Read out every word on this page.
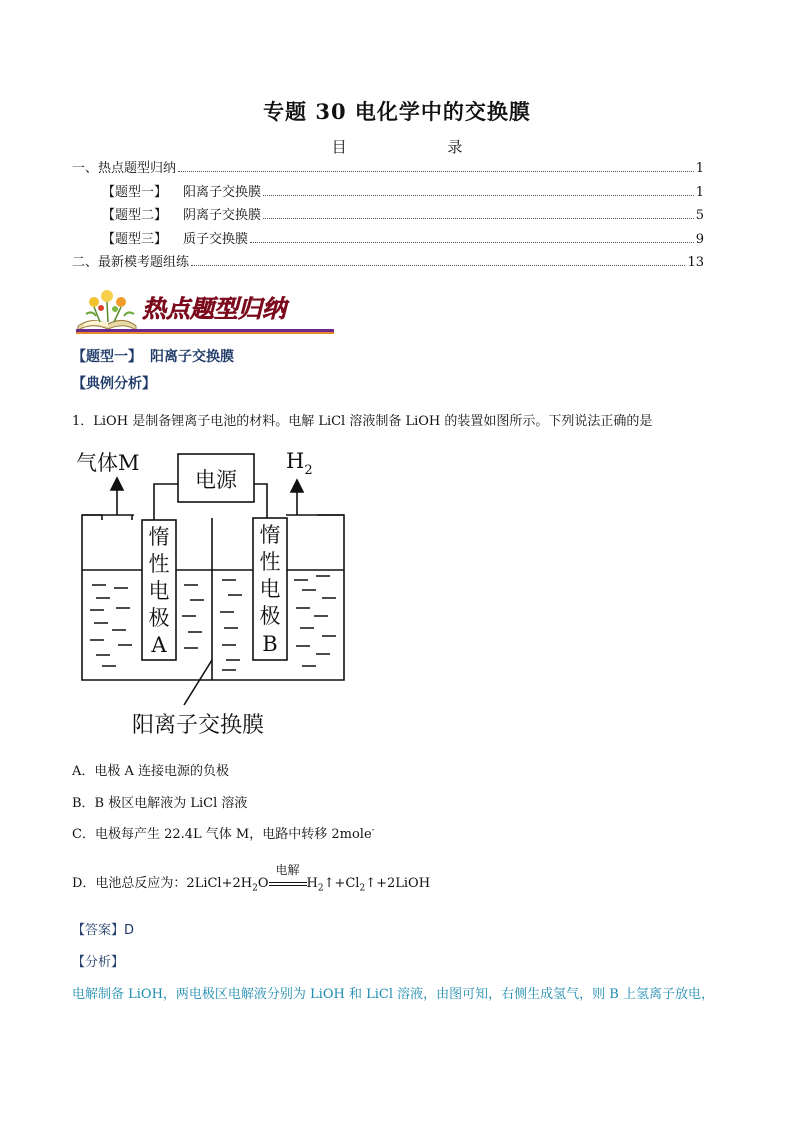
专题 30 电化学中的交换膜
目	录
一、热点题型归纳	1
【题型一】 阳离子交换膜	1
【题型二】 阴离子交换膜	5
【题型三】 质子交换膜	9
二、最新模考题组练	13
热点题型归纳
【题型一】 阳离子交换膜
【典例分析】
1．LiOH 是制备锂离子电池的材料。电解 LiCl 溶液制备 LiOH 的装置如图所示。下列说法正确的是
气体M	$H_2$
惰
性
电
极
A
惰
性
电
极
B
电源
阳离子交换膜
A．电极 A 连接电源的负极
B．B 极区电解液为 LiCl 溶液
C．电极每产生 22.4L 气体 M，电路中转移 2mole-
D．电池总反应为：$2LiCl+2H_2O$
电解
$H_2↑+Cl_2↑+2LiOH$
【答案】D
【分析】
电解制备 LiOH，两电极区电解液分别为 LiOH 和 LiCl 溶液，由图可知，右侧生成氢气，则 B 上氢离子放电，
